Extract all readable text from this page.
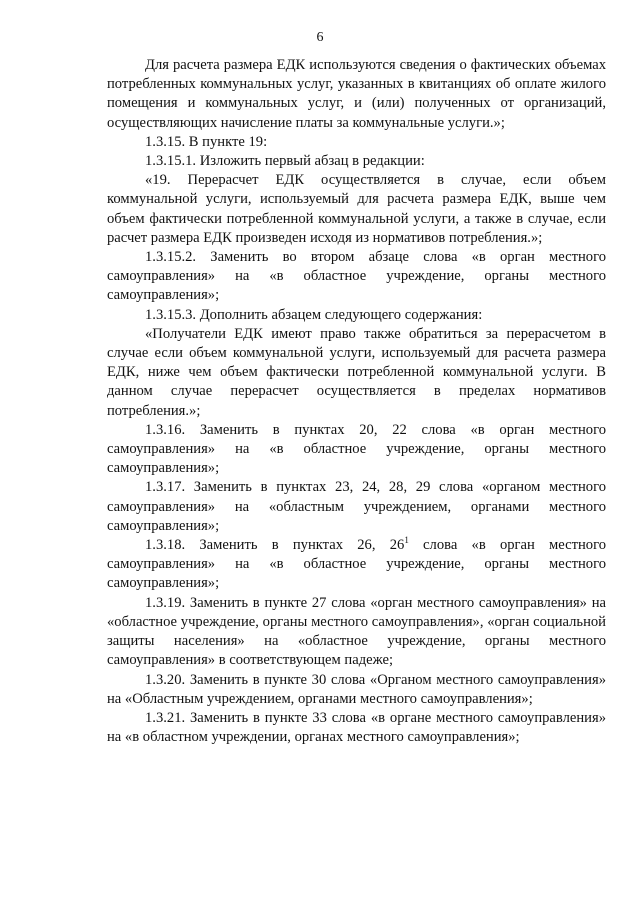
6

Для расчета размера ЕДК используются сведения о фактических объемах потребленных коммунальных услуг, указанных в квитанциях об оплате жилого помещения и коммунальных услуг, и (или) полученных от организаций, осуществляющих начисление платы за коммунальные услуги.»;

1.3.15. В пункте 19:

1.3.15.1. Изложить первый абзац в редакции:

«19. Перерасчет ЕДК осуществляется в случае, если объем коммунальной услуги, используемый для расчета размера ЕДК, выше чем объем фактически потребленной коммунальной услуги, а также в случае, если расчет размера ЕДК произведен исходя из нормативов потребления.»;

1.3.15.2. Заменить во втором абзаце слова «в орган местного самоуправления» на «в областное учреждение, органы местного самоуправления»;

1.3.15.3. Дополнить абзацем следующего содержания:

«Получатели ЕДК имеют право также обратиться за перерасчетом в случае если объем коммунальной услуги, используемый для расчета размера ЕДК, ниже чем объем фактически потребленной коммунальной услуги. В данном случае перерасчет осуществляется в пределах нормативов потребления.»;

1.3.16. Заменить в пунктах 20, 22 слова «в орган местного самоуправления» на «в областное учреждение, органы местного самоуправления»;

1.3.17. Заменить в пунктах 23, 24, 28, 29 слова «органом местного самоуправления» на «областным учреждением, органами местного самоуправления»;

1.3.18. Заменить в пунктах 26, $26^1$ слова «в орган местного самоуправления» на «в областное учреждение, органы местного самоуправления»;

1.3.19. Заменить в пункте 27 слова «орган местного самоуправления» на «областное учреждение, органы местного самоуправления», «орган социальной защиты населения» на «областное учреждение, органы местного самоуправления» в соответствующем падеже;

1.3.20. Заменить в пункте 30 слова «Органом местного самоуправления» на «Областным учреждением, органами местного самоуправления»;

1.3.21. Заменить в пункте 33 слова «в органе местного самоуправления» на «в областном учреждении, органах местного самоуправления»;
